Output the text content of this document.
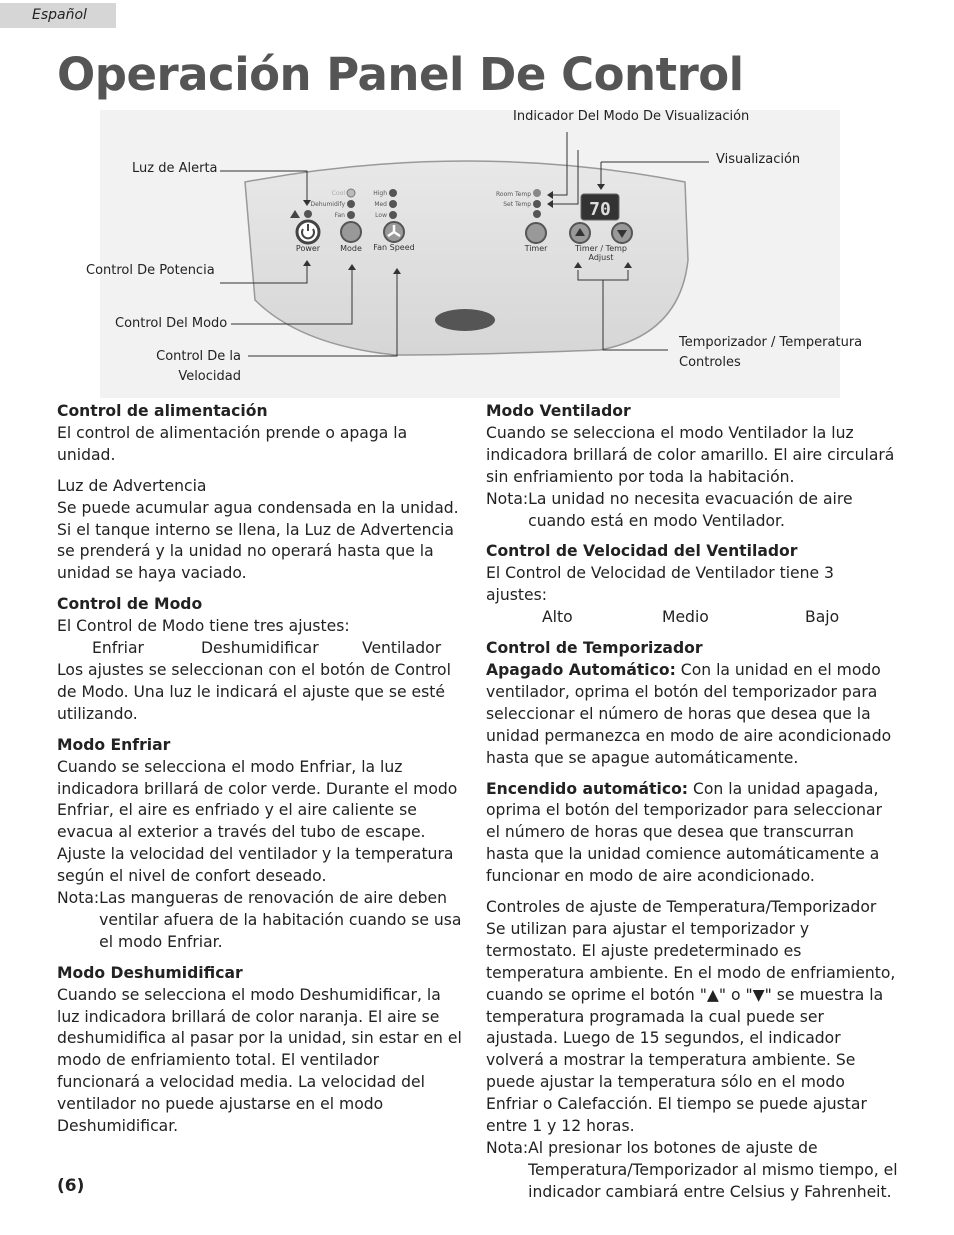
Español
Operación Panel De Control
Cool
Dehumidify
Fan
High
Med
Low
Room Temp
Set Temp	70
Power	Mode Fan Speed	Timer	Timer / Temp
Adjust
Indicador Del Modo De Visualización
Luz de Alerta
Visualización
Control De Potencia
Control Del Modo
Control De la
Velocidad
Temporizador / Temperatura
Controles
Control de alimentación

El control de alimentación prende o apaga la unidad.

Luz de Advertencia

Se puede acumular agua condensada en la unidad. Si el tanque interno se llena, la Luz de Advertencia se prenderá y la unidad no operará hasta que la unidad se haya vaciado.

Control de Modo

El Control de Modo tiene tres ajustes:

Enfriar	Deshumidificar	Ventilador

Los ajustes se seleccionan con el botón de Control de Modo. Una luz le indicará el ajuste que se esté utilizando.

Modo Enfriar

Cuando se selecciona el modo Enfriar, la luz indicadora brillará de color verde. Durante el modo Enfriar, el aire es enfriado y el aire caliente se evacua al exterior a través del tubo de escape. Ajuste la velocidad del ventilador y la temperatura según el nivel de confort deseado.

Nota: Las mangueras de renovación de aire deben ventilar afuera de la habitación cuando se usa el modo Enfriar.
Modo Deshumidificar

Cuando se selecciona el modo Deshumidificar, la luz indicadora brillará de color naranja. El aire se deshumidifica al pasar por la unidad, sin estar en el modo de enfriamiento total. El ventilador

funcionará a velocidad media. La velocidad del ventilador no puede ajustarse en el modo Deshumidificar.

Modo Ventilador

Cuando se selecciona el modo Ventilador la luz indicadora brillará de color amarillo. El aire circulará sin enfriamiento por toda la habitación.

Nota: La unidad no necesita evacuación de aire cuando está en modo Ventilador.
Control de Velocidad del Ventilador

El Control de Velocidad de Ventilador tiene 3 ajustes:

Alto	Medio	Bajo
Control de Temporizador

Apagado Automático: Con la unidad en el modo ventilador, oprima el botón del temporizador para seleccionar el número de horas que desea que la unidad permanezca en modo de aire acondicionado hasta que se apague automáticamente.

Encendido automático: Con la unidad apagada, oprima el botón del temporizador para seleccionar el número de horas que desea que transcurran hasta que la unidad comience automáticamente a funcionar en modo de aire acondicionado.

Controles de ajuste de Temperatura/Temporizador

Se utilizan para ajustar el temporizador y termostato. El ajuste predeterminado es temperatura ambiente. En el modo de enfriamiento, cuando se oprime el botón "▲" o "▼" se muestra la temperatura programada la cual puede ser ajustada. Luego de 15 segundos, el indicador volverá a mostrar la temperatura ambiente. Se puede ajustar la temperatura sólo en el modo Enfriar o Calefacción. El tiempo se puede ajustar entre 1 y 12 horas.

Nota: Al presionar los botones de ajuste de Temperatura/Temporizador al mismo tiempo, el indicador cambiará entre Celsius y Fahrenheit.
(6)
